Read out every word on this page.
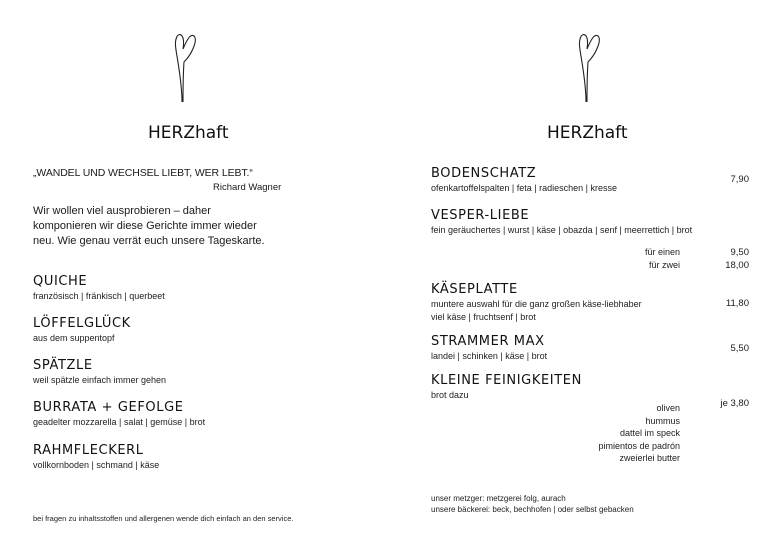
HERZhaft
„WANDEL UND WECHSEL LIEBT, WER LEBT.“
Richard Wagner
Wir wollen viel ausprobieren – daher
komponieren wir diese Gerichte immer wieder
neu. Wie genau verrät euch unsere Tageskarte.
QUICHE
französisch | fränkisch | querbeet
LÖFFELGLÜCK
aus dem suppentopf
SPÄTZLE
weil spätzle einfach immer gehen
BURRATA + GEFOLGE
geadelter mozzarella | salat | gemüse | brot
RAHMFLECKERL
vollkornboden | schmand | käse
bei fragen zu inhaltsstoffen und allergenen wende dich einfach an den service.
HERZhaft
BODENSCHATZ
ofenkartoffelspalten | feta | radieschen | kresse
7,90
VESPER-LIEBE
fein geräuchertes | wurst | käse | obazda | senf | meerrettich | brot
für einen	9,50
für zwei	18,00
KÄSEPLATTE
muntere auswahl für die ganz großen käse-liebhaber
viel käse | fruchtsenf | brot
11,80
STRAMMER MAX
landei | schinken | käse | brot
5,50
KLEINE FEINIGKEITEN
brot dazu
oliven
hummus
dattel im speck
pimientos de padrón
zweierlei butter
je 3,80
unser metzger: metzgerei folg, aurach
unsere bäckerei: beck, bechhofen | oder selbst gebacken
